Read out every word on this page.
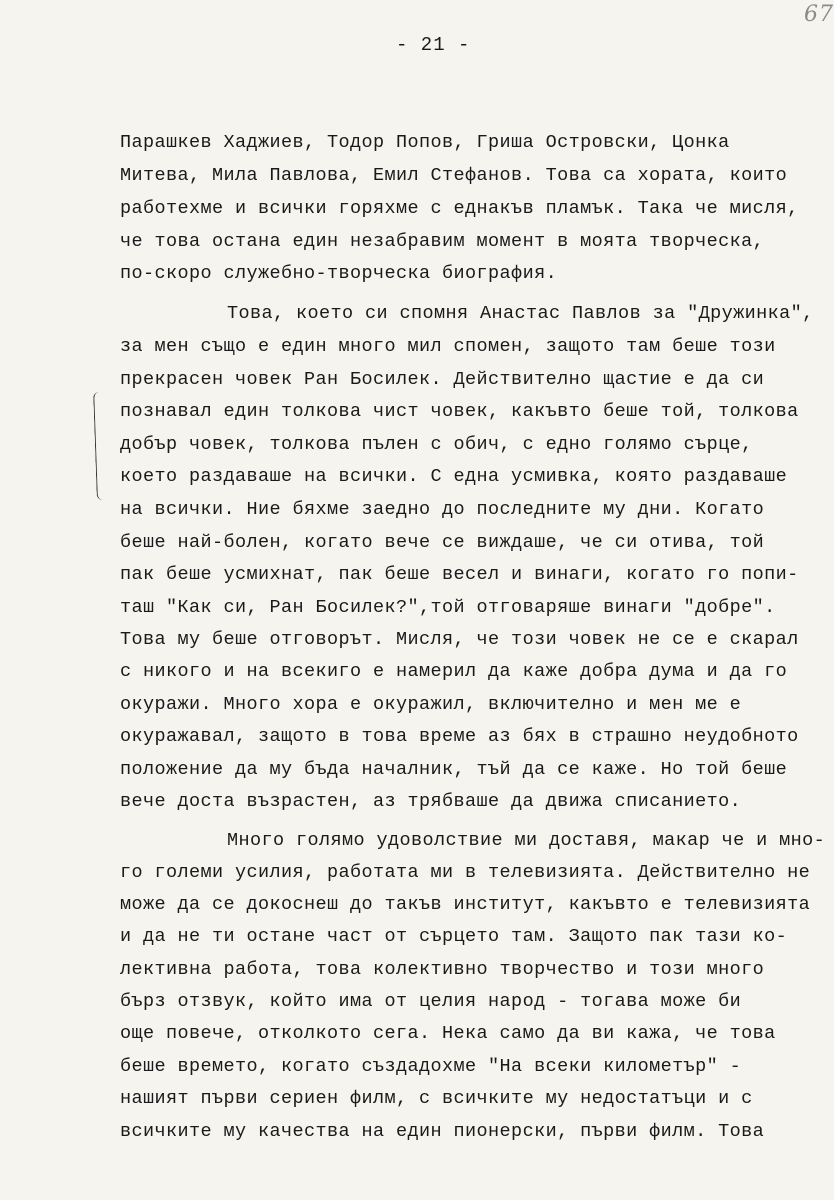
67
- 21 -
Парашкев Хаджиев, Тодор Попов, Гриша Островски, Цонка
Митева, Мила Павлова, Емил Стефанов. Това са хората, които
работехме и всички горяхме с еднакъв пламък. Така че мисля,
че това остана един незабравим момент в моята творческа,
по-скоро служебно-творческа биография.
Това, което си спомня Анастас Павлов за "Дружинка",
за мен също е един много мил спомен, защото там беше този
прекрасен човек Ран Босилек. Действително щастие е да си
познавал един толкова чист човек, какъвто беше той, толкова
добър човек, толкова пълен с обич, с едно голямо сърце,
което раздаваше на всички. С една усмивка, която раздаваше
на всички. Ние бяхме заедно до последните му дни. Когато
беше най-болен, когато вече се виждаше, че си отива, той
пак беше усмихнат, пак беше весел и винаги, когато го попи-
таш "Как си, Ран Босилек?",той отговаряше винаги "добре".
Това му беше отговорът. Мисля, че този човек не се е скарал
с никого и на всекиго е намерил да каже добра дума и да го
окуражи. Много хора е окуражил, включително и мен ме е
окуражавал, защото в това време аз бях в страшно неудобното
положение да му бъда началник, тъй да се каже. Но той беше
вече доста възрастен, аз трябваше да движа списанието.
Много голямо удоволствие ми доставя, макар че и мно-
го големи усилия, работата ми в телевизията. Действително не
може да се докоснеш до такъв институт, какъвто е телевизията
и да не ти остане част от сърцето там. Защото пак тази ко-
лективна работа, това колективно творчество и този много
бърз отзвук, който има от целия народ - тогава може би
още повече, отколкото сега. Нека само да ви кажа, че това
беше времето, когато създадохме "На всеки километър" -
нашият първи сериен филм, с всичките му недостатъци и с
всичките му качества на един пионерски, първи филм. Това
